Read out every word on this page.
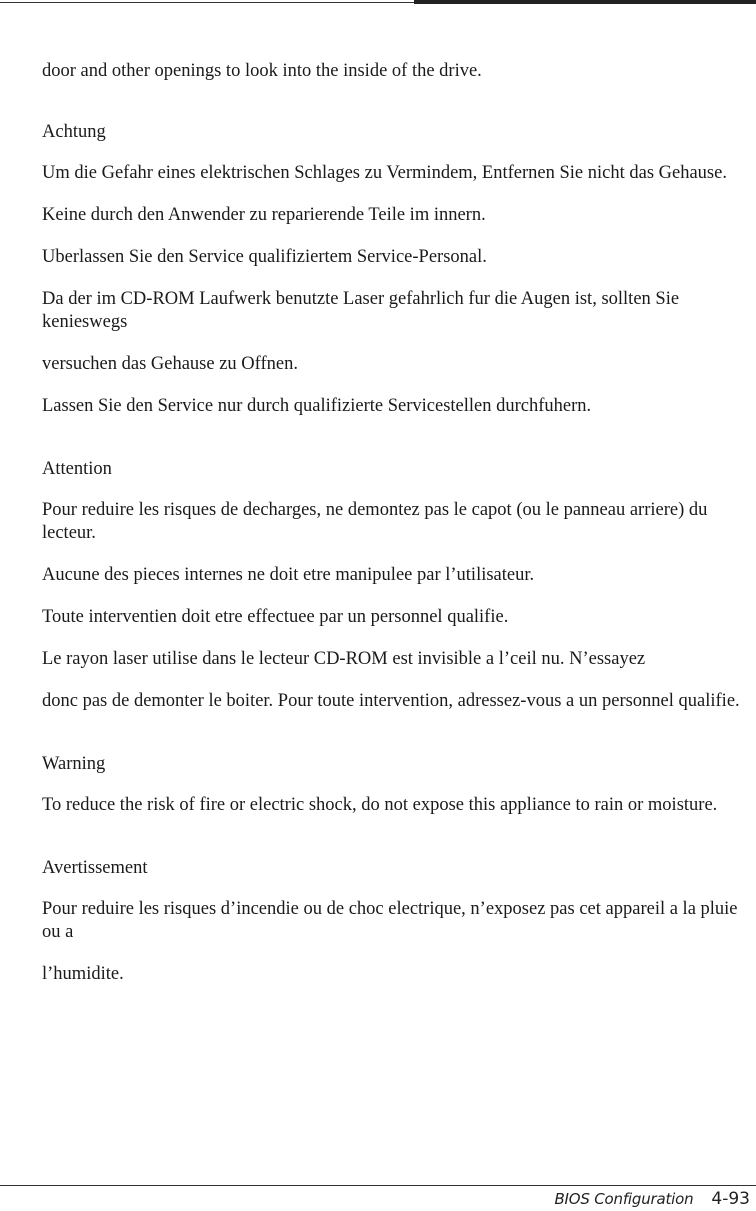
door and other openings to look into the inside of the drive.

Achtung

Um die Gefahr eines elektrischen Schlages zu Vermindem, Entfernen Sie nicht das Gehause.

Keine durch den Anwender zu reparierende Teile im innern.

Uberlassen Sie den Service qualifiziertem Service-Personal.

Da der im CD-ROM Laufwerk benutzte Laser gefahrlich fur die Augen ist, sollten Sie kenieswegs

versuchen das Gehause zu Offnen.

Lassen Sie den Service nur durch qualifizierte Servicestellen durchfuhern.

Attention

Pour reduire les risques de decharges, ne demontez pas le capot (ou le panneau arriere) du lecteur.

Aucune des pieces internes ne doit etre manipulee par l’utilisateur.

Toute interventien doit etre effectuee par un personnel qualifie.

Le rayon laser utilise dans le lecteur CD-ROM est invisible a l’ceil nu. N’essayez

donc pas de demonter le boiter. Pour toute intervention, adressez-vous a un personnel qualifie.

Warning

To reduce the risk of fire or electric shock, do not expose this appliance to rain or moisture.

Avertissement

Pour reduire les risques d’incendie ou de choc electrique, n’exposez pas cet appareil a la pluie ou a

l’humidite.

BIOS Configuration 4-93
